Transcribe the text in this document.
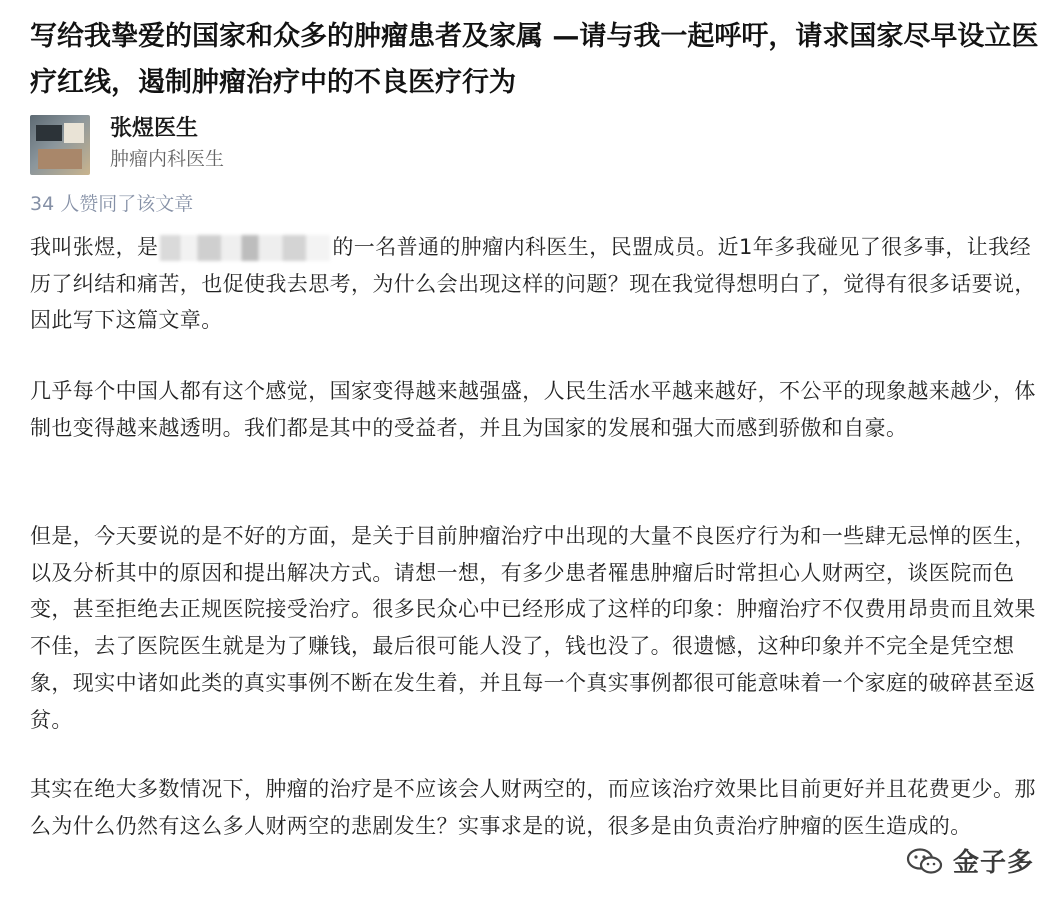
写给我挚爱的国家和众多的肿瘤患者及家属 —请与我一起呼吁，请求国家尽早设立医疗红线，遏制肿瘤治疗中的不良医疗行为
张煜医生
肿瘤内科医生
34 人赞同了该文章
我叫张煜，是	的一名普通的肿瘤内科医生，民盟成员。近1年多我碰见了很多事，让我经历了纠结和痛苦，也促使我去思考，为什么会出现这样的问题？现在我觉得想明白了，觉得有很多话要说，因此写下这篇文章。
几乎每个中国人都有这个感觉，国家变得越来越强盛，人民生活水平越来越好，不公平的现象越来越少，体制也变得越来越透明。我们都是其中的受益者，并且为国家的发展和强大而感到骄傲和自豪。
但是，今天要说的是不好的方面，是关于目前肿瘤治疗中出现的大量不良医疗行为和一些肆无忌惮的医生，以及分析其中的原因和提出解决方式。请想一想，有多少患者罹患肿瘤后时常担心人财两空，谈医院而色变，甚至拒绝去正规医院接受治疗。很多民众心中已经形成了这样的印象：肿瘤治疗不仅费用昂贵而且效果不佳，去了医院医生就是为了赚钱，最后很可能人没了，钱也没了。很遗憾，这种印象并不完全是凭空想象，现实中诸如此类的真实事例不断在发生着，并且每一个真实事例都很可能意味着一个家庭的破碎甚至返贫。
其实在绝大多数情况下，肿瘤的治疗是不应该会人财两空的，而应该治疗效果比目前更好并且花费更少。那么为什么仍然有这么多人财两空的悲剧发生？实事求是的说，很多是由负责治疗肿瘤的医生造成的。
金子多
